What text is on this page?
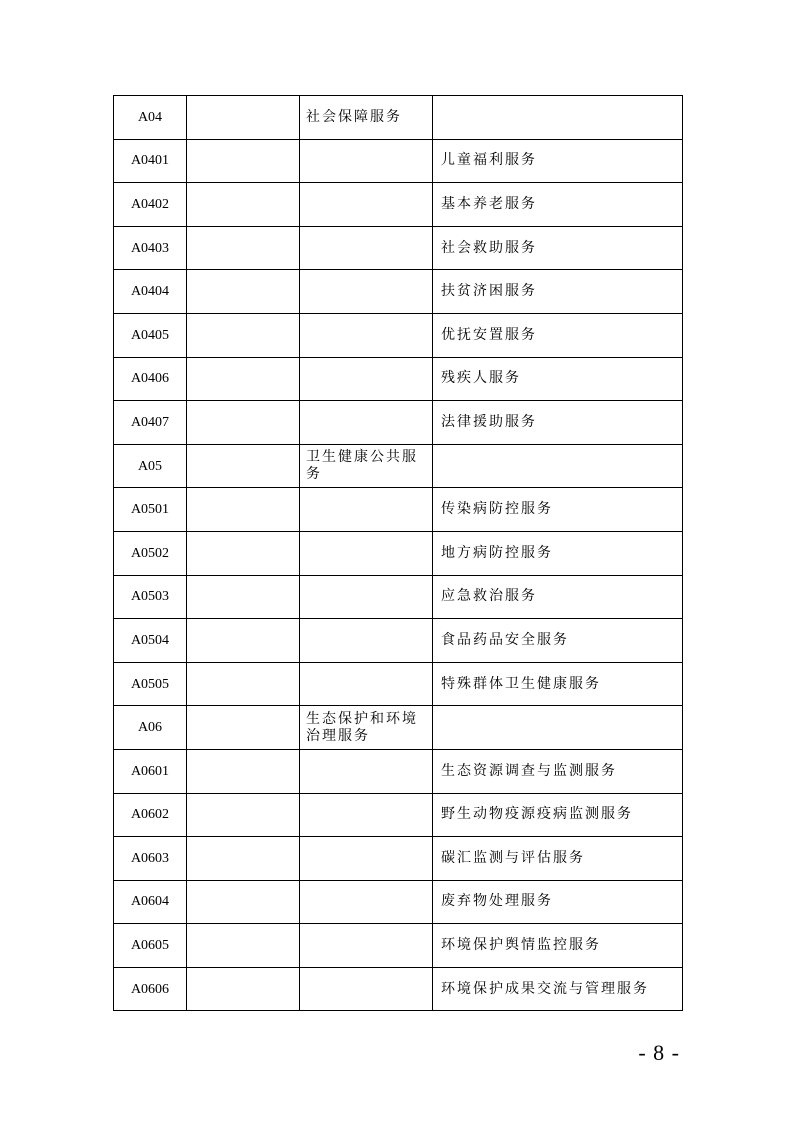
A04		社会保障服务	
A0401			儿童福利服务
A0402			基本养老服务
A0403			社会救助服务
A0404			扶贫济困服务
A0405			优抚安置服务
A0406			残疾人服务
A0407			法律援助服务
A05		卫生健康公共服务	
A0501			传染病防控服务
A0502			地方病防控服务
A0503			应急救治服务
A0504			食品药品安全服务
A0505			特殊群体卫生健康服务
A06		生态保护和环境治理服务	
A0601			生态资源调查与监测服务
A0602			野生动物疫源疫病监测服务
A0603			碳汇监测与评估服务
A0604			废弃物处理服务
A0605			环境保护舆情监控服务
A0606			环境保护成果交流与管理服务
- 8 -
